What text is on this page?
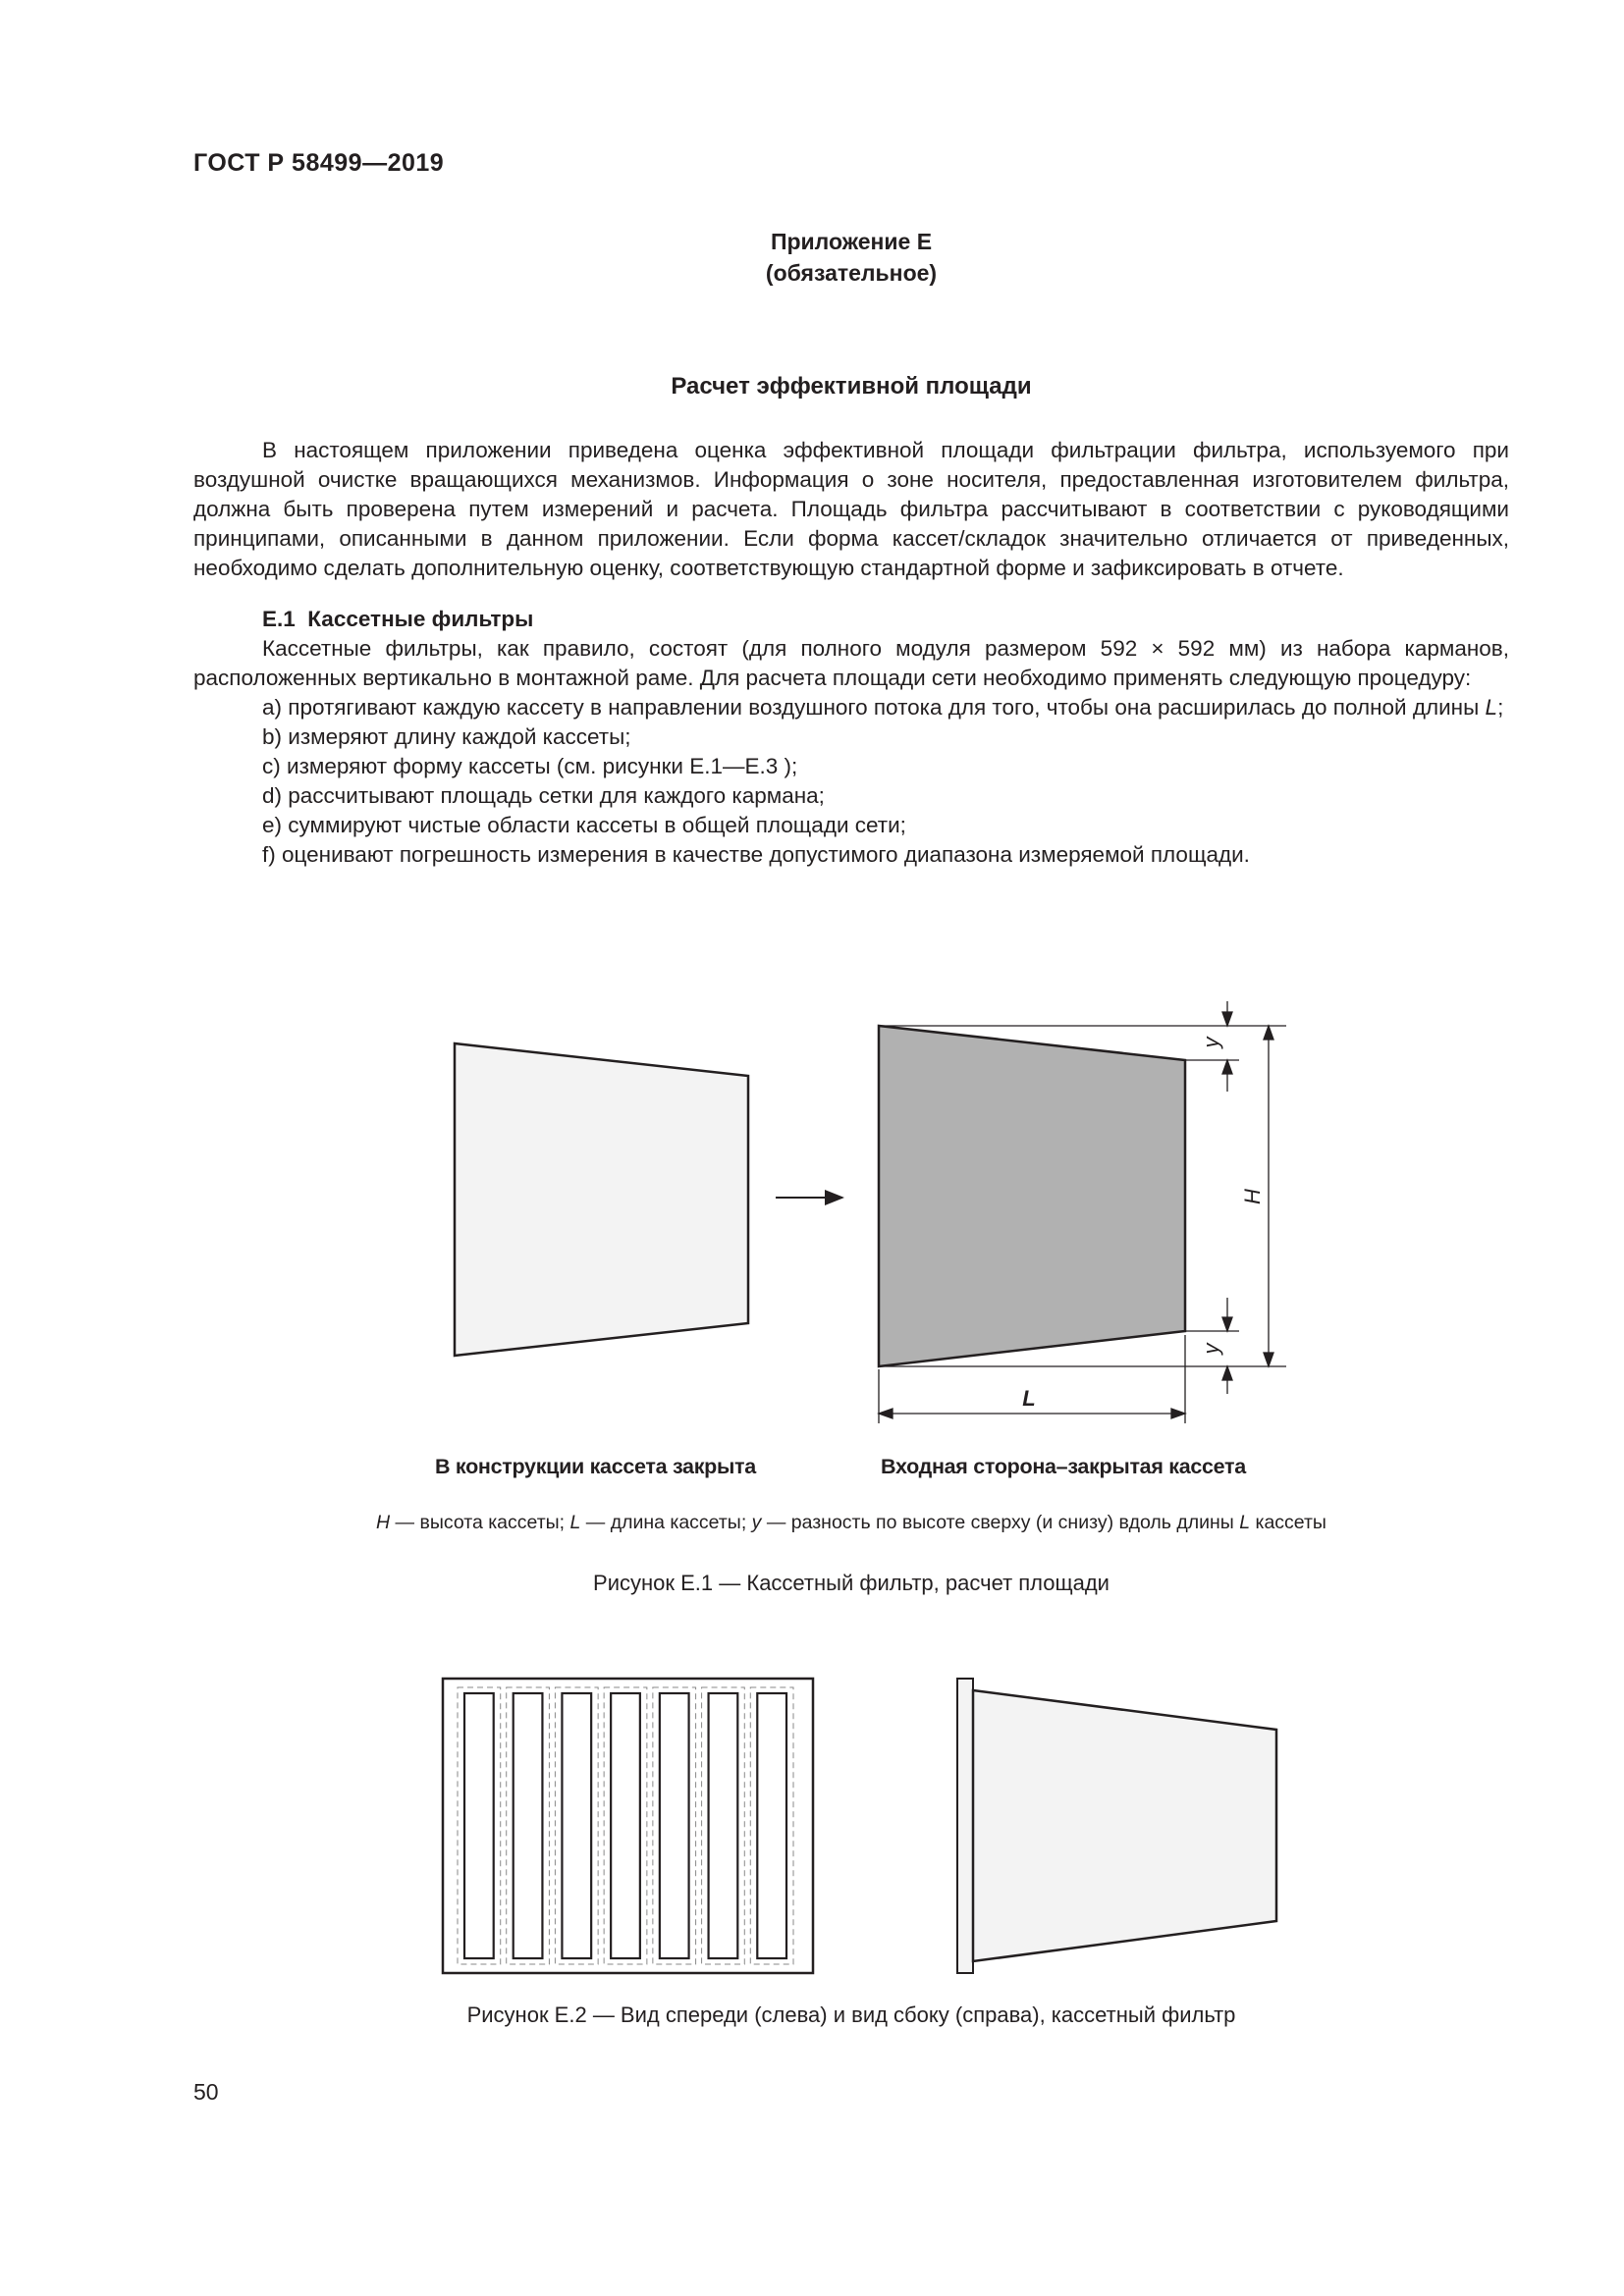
ГОСТ Р 58499—2019
Приложение Е
(обязательное)
Расчет эффективной площади

В настоящем приложении приведена оценка эффективной площади фильтрации фильтра, используемого при воздушной очистке вращающихся механизмов. Информация о зоне носителя, предоставленная изготовителем фильтра, должна быть проверена путем измерений и расчета. Площадь фильтра рассчитывают в соответствии с руководящими принципами, описанными в данном приложении. Если форма кассет/складок значительно отличается от приведенных, необходимо сделать дополнительную оценку, соответствующую стандартной форме и зафиксировать в отчете.

Е.1 Кассетные фильтры

Кассетные фильтры, как правило, состоят (для полного модуля размером 592 × 592 мм) из набора карманов, расположенных вертикально в монтажной раме. Для расчета площади сети необходимо применять следующую процедуру:

a) протягивают каждую кассету в направлении воздушного потока для того, чтобы она расширилась до полной длины L;

b) измеряют длину каждой кассеты;

c) измеряют форму кассеты (см. рисунки Е.1—Е.3 );

d) рассчитывают площадь сетки для каждого кармана;

e) суммируют чистые области кассеты в общей площади сети;

f) оценивают погрешность измерения в качестве допустимого диапазона измеряемой площади.

y
H
y
L
В конструкции кассета закрыта	Входная сторона–закрытая кассета
H — высота кассеты; L — длина кассеты; y — разность по высоте сверху (и снизу) вдоль длины L кассеты
Рисунок Е.1 — Кассетный фильтр, расчет площади
Рисунок Е.2 — Вид спереди (слева) и вид сбоку (справа), кассетный фильтр
50
